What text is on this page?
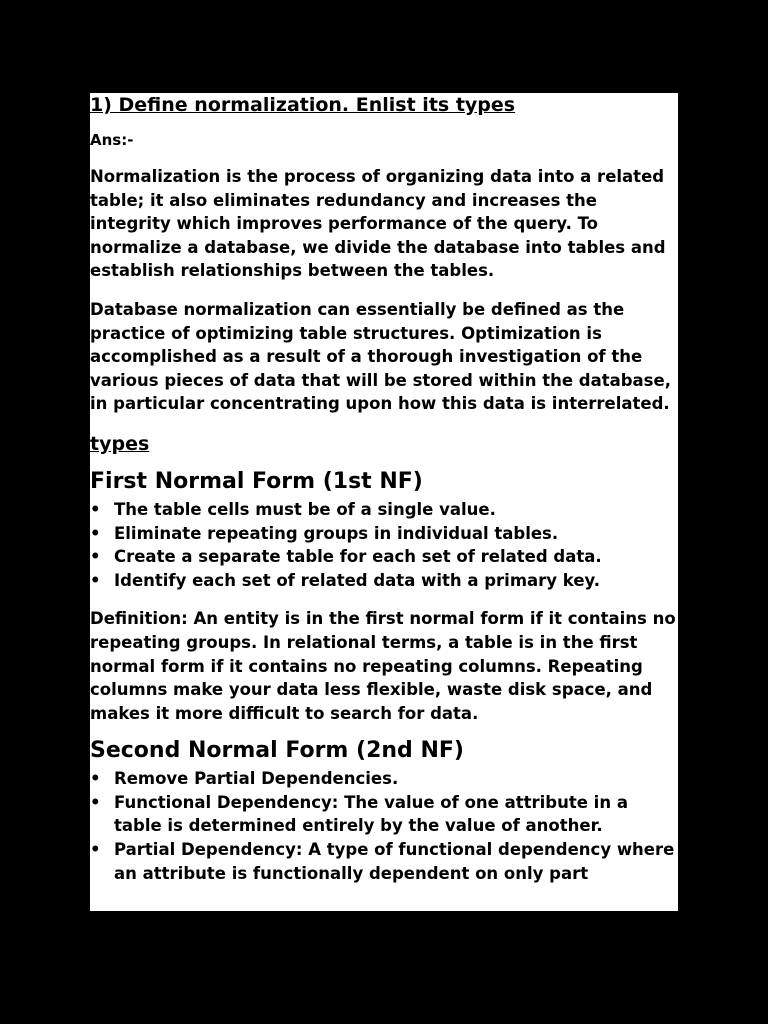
1) Define normalization. Enlist its types

Ans:-

Normalization is the process of organizing data into a related table; it also eliminates redundancy and increases the integrity which improves performance of the query. To normalize a database, we divide the database into tables and establish relationships between the tables.

Database normalization can essentially be defined as the practice of optimizing table structures. Optimization is accomplished as a result of a thorough investigation of the various pieces of data that will be stored within the database, in particular concentrating upon how this data is interrelated.

types

First Normal Form (1st NF)
• The table cells must be of a single value.
• Eliminate repeating groups in individual tables.
• Create a separate table for each set of related data.
• Identify each set of related data with a primary key.

Definition: An entity is in the first normal form if it contains no repeating groups. In relational terms, a table is in the first normal form if it contains no repeating columns. Repeating columns make your data less flexible, waste disk space, and makes it more difficult to search for data.

Second Normal Form (2nd NF)
• Remove Partial Dependencies.
• Functional Dependency: The value of one attribute in a table is determined entirely by the value of another.
• Partial Dependency: A type of functional dependency where an attribute is functionally dependent on only part
